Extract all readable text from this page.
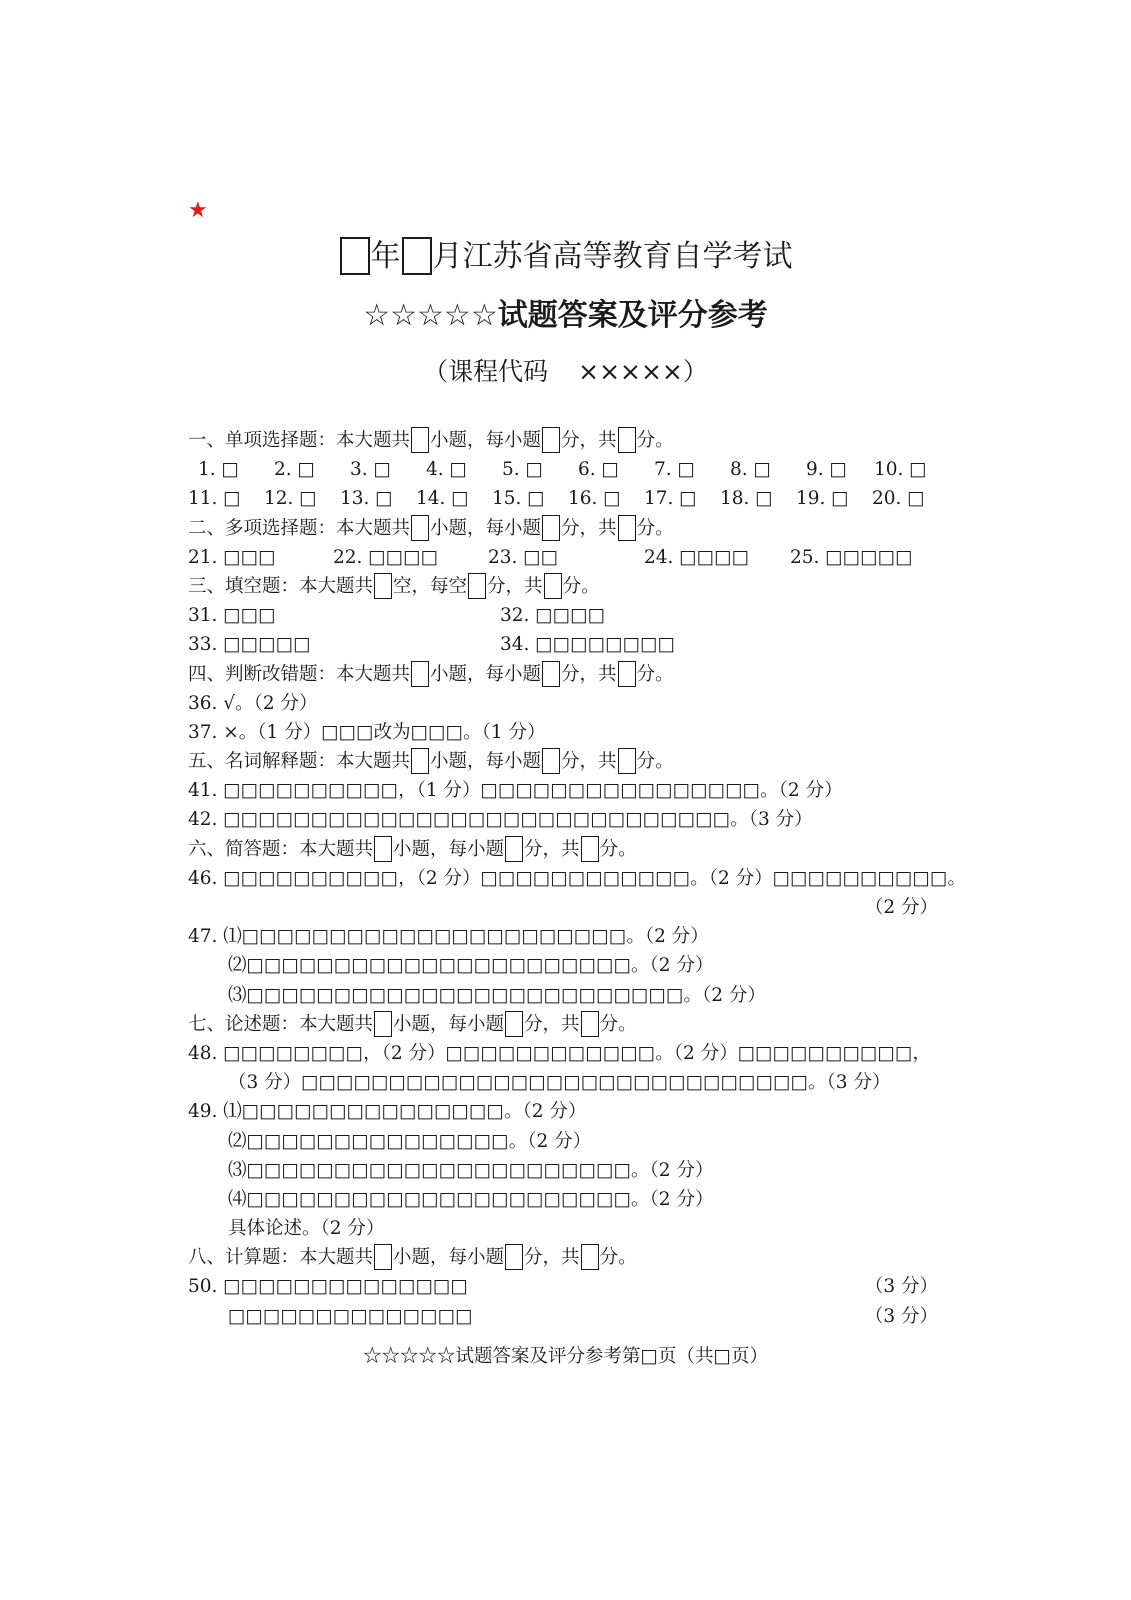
★
年 月江苏省高等教育自学考试
☆☆☆☆☆试题答案及评分参考
（课程代码 ×××××）
一、单项选择题：本大题共 小题，每小题 分，共 分。
1. □ 2. □ 3. □ 4. □ 5. □ 6. □ 7. □ 8. □ 9. □ 10. □
11. □ 12. □ 13. □ 14. □ 15. □ 16. □ 17. □ 18. □ 19. □ 20. □
二、多项选择题：本大题共 小题，每小题 分，共 分。
21. □□□	22. □□□□	23. □□	24. □□□□ 25. □□□□□
三、填空题：本大题共 空，每空 分，共 分。
31. □□□	32. □□□□
33. □□□□□	34. □□□□□□□□
四、判断改错题：本大题共 小题，每小题 分，共 分。
36. √。（2 分）
37. ×。（1 分）□□□改为□□□。（1 分）
五、名词解释题：本大题共 小题，每小题 分，共 分。
41. □□□□□□□□□□，（1 分）□□□□□□□□□□□□□□□□。（2 分）
42. □□□□□□□□□□□□□□□□□□□□□□□□□□□□□。（3 分）
六、简答题：本大题共 小题，每小题 分，共 分。
46. □□□□□□□□□□，（2 分）□□□□□□□□□□□□。（2 分）□□□□□□□□□□。
（2 分）
47. ⑴□□□□□□□□□□□□□□□□□□□□□□。（2 分）
⑵□□□□□□□□□□□□□□□□□□□□□□。（2 分）
⑶□□□□□□□□□□□□□□□□□□□□□□□□□。（2 分）
七、论述题：本大题共 小题，每小题 分，共 分。
48. □□□□□□□□，（2 分）□□□□□□□□□□□□。（2 分）□□□□□□□□□□，
（3 分）□□□□□□□□□□□□□□□□□□□□□□□□□□□□□。（3 分）
49. ⑴□□□□□□□□□□□□□□□。（2 分）
⑵□□□□□□□□□□□□□□□。（2 分）
⑶□□□□□□□□□□□□□□□□□□□□□□。（2 分）
⑷□□□□□□□□□□□□□□□□□□□□□□。（2 分）
具体论述。（2 分）
八、计算题：本大题共 小题，每小题 分，共 分。
50. □□□□□□□□□□□□□□	（3 分）
□□□□□□□□□□□□□□	（3 分）
☆☆☆☆☆试题答案及评分参考第□页（共□页）
